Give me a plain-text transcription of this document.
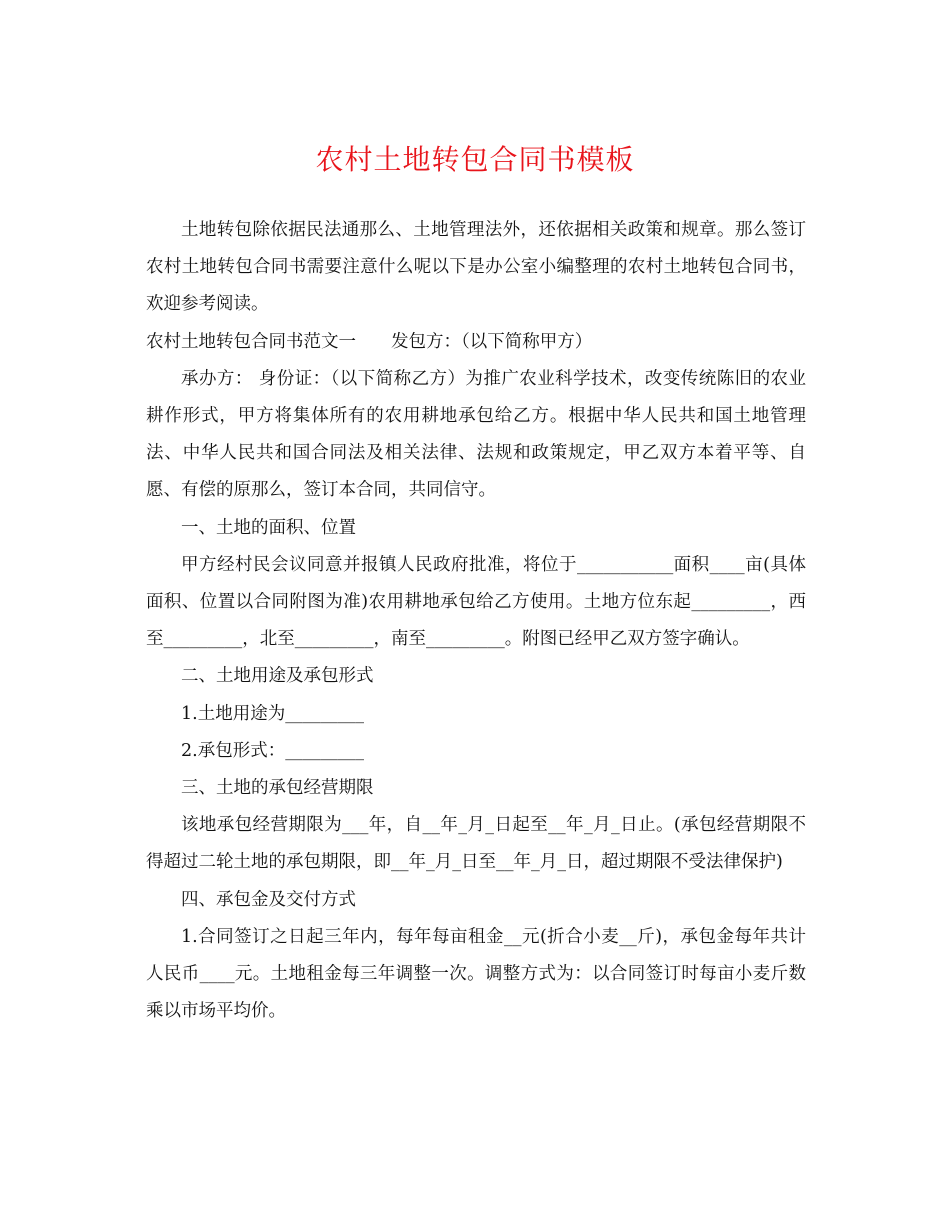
农村土地转包合同书模板

土地转包除依据民法通那么、土地管理法外，还依据相关政策和规章。那么签订农村土地转包合同书需要注意什么呢以下是办公室小编整理的农村土地转包合同书，欢迎参考阅读。

农村土地转包合同书范文一　　发包方：（以下简称甲方）

承办方： 身份证：（以下简称乙方）为推广农业科学技术，改变传统陈旧的农业耕作形式，甲方将集体所有的农用耕地承包给乙方。根据中华人民共和国土地管理法、中华人民共和国合同法及相关法律、法规和政策规定，甲乙双方本着平等、自愿、有偿的原那么，签订本合同，共同信守。

一、土地的面积、位置

甲方经村民会议同意并报镇人民政府批准，将位于___________面积____亩(具体面积、位置以合同附图为准)农用耕地承包给乙方使用。土地方位东起_________，西至_________，北至_________，南至_________。附图已经甲乙双方签字确认。

二、土地用途及承包形式

1.土地用途为_________

2.承包形式：_________

三、土地的承包经营期限

该地承包经营期限为___年，自__年_月_日起至__年_月_日止。(承包经营期限不得超过二轮土地的承包期限，即__年_月_日至__年_月_日，超过期限不受法律保护)

四、承包金及交付方式

1.合同签订之日起三年内，每年每亩租金__元(折合小麦__斤)，承包金每年共计人民币____元。土地租金每三年调整一次。调整方式为：以合同签订时每亩小麦斤数乘以市场平均价。
